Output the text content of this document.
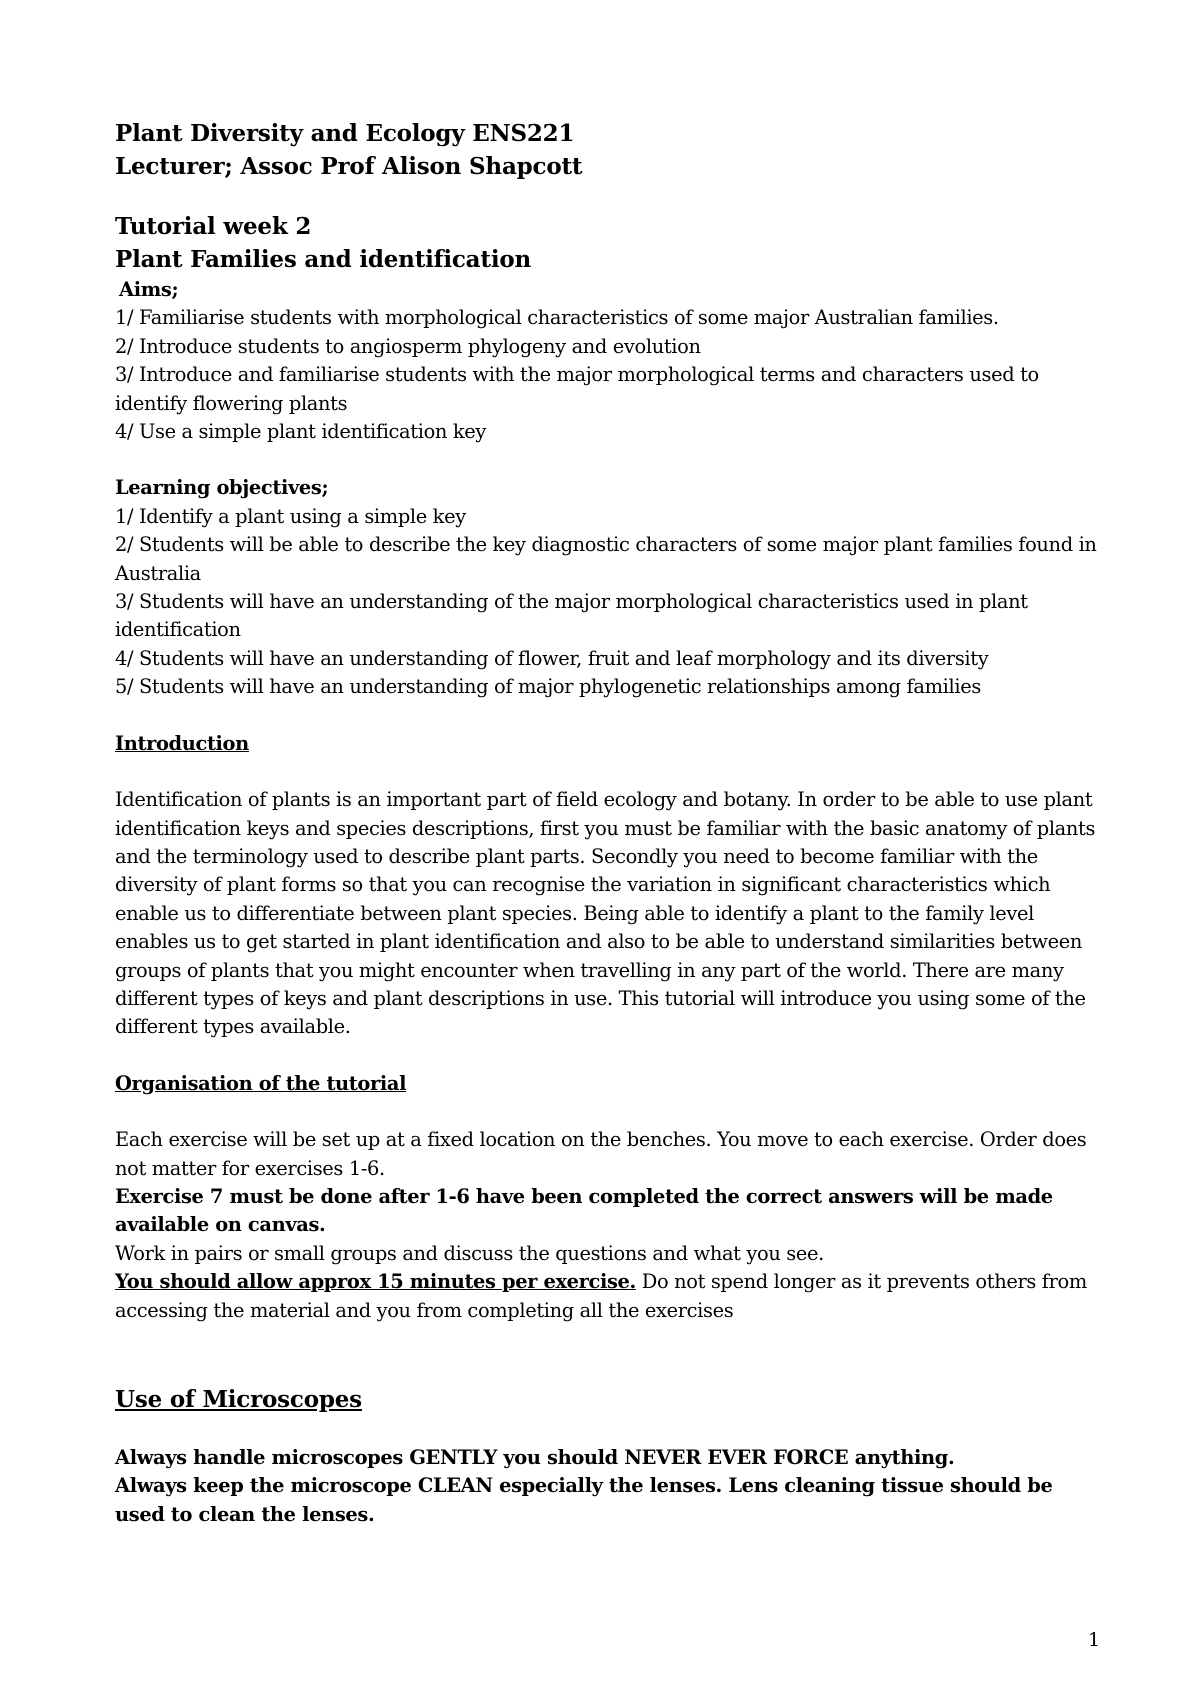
Plant Diversity and Ecology ENS221

Lecturer; Assoc Prof Alison Shapcott

Tutorial week 2

Plant Families and identification

Aims;

1/ Familiarise students with morphological characteristics of some major Australian families.

2/ Introduce students to angiosperm phylogeny and evolution

3/ Introduce and familiarise students with the major morphological terms and characters used to identify flowering plants

4/ Use a simple plant identification key

Learning objectives;

1/ Identify a plant using a simple key

2/ Students will be able to describe the key diagnostic characters of some major plant families found in Australia

3/ Students will have an understanding of the major morphological characteristics used in plant identification

4/ Students will have an understanding of flower, fruit and leaf morphology and its diversity

5/ Students will have an understanding of major phylogenetic relationships among families

Introduction

Identification of plants is an important part of field ecology and botany. In order to be able to use plant identification keys and species descriptions, first you must be familiar with the basic anatomy of plants and the terminology used to describe plant parts. Secondly you need to become familiar with the diversity of plant forms so that you can recognise the variation in significant characteristics which enable us to differentiate between plant species. Being able to identify a plant to the family level enables us to get started in plant identification and also to be able to understand similarities between groups of plants that you might encounter when travelling in any part of the world. There are many different types of keys and plant descriptions in use. This tutorial will introduce you using some of the different types available.

Organisation of the tutorial

Each exercise will be set up at a fixed location on the benches. You move to each exercise. Order does not matter for exercises 1-6.

Exercise 7 must be done after 1-6 have been completed the correct answers will be made available on canvas.

Work in pairs or small groups and discuss the questions and what you see.

You should allow approx 15 minutes per exercise. Do not spend longer as it prevents others from accessing the material and you from completing all the exercises

Use of Microscopes

Always handle microscopes GENTLY you should NEVER EVER FORCE anything.

Always keep the microscope CLEAN especially the lenses. Lens cleaning tissue should be used to clean the lenses.

1
